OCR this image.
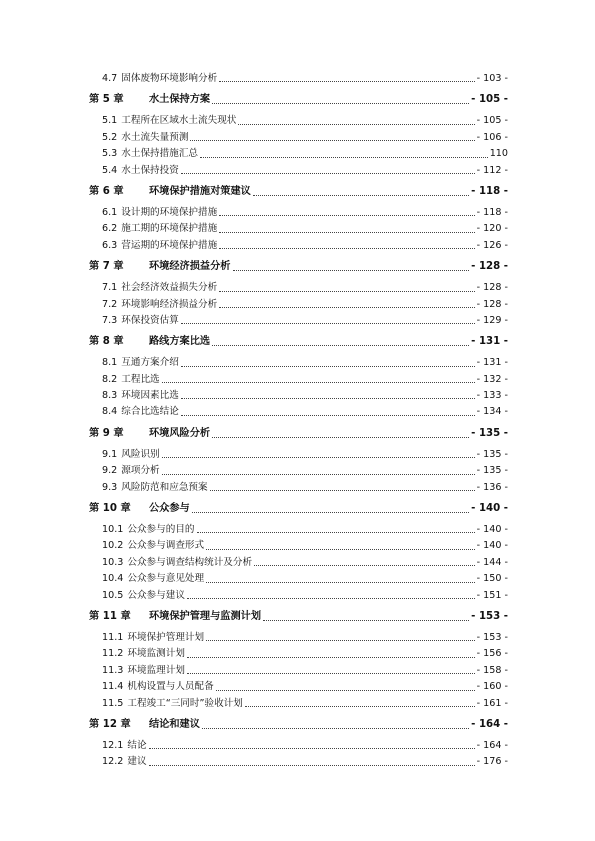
4.7 固体废物环境影响分析	- 103 -
第 5 章	水土保持方案	- 105 -
5.1 工程所在区域水土流失现状	- 105 -
5.2 水土流失量预测	- 106 -
5.3 水土保持措施汇总	110
5.4 水土保持投资	- 112 -
第 6 章	环境保护措施对策建议	- 118 -
6.1 设计期的环境保护措施	- 118 -
6.2 施工期的环境保护措施	- 120 -
6.3 营运期的环境保护措施	- 126 -
第 7 章	环境经济损益分析	- 128 -
7.1 社会经济效益损失分析	- 128 -
7.2 环境影响经济损益分析	- 128 -
7.3 环保投资估算	- 129 -
第 8 章	路线方案比选	- 131 -
8.1 互通方案介绍	- 131 -
8.2 工程比选	- 132 -
8.3 环境因素比选	- 133 -
8.4 综合比选结论	- 134 -
第 9 章	环境风险分析	- 135 -
9.1 风险识别	- 135 -
9.2 源项分析	- 135 -
9.3 风险防范和应急预案	- 136 -
第 10 章	公众参与	- 140 -
10.1 公众参与的目的	- 140 -
10.2 公众参与调查形式	- 140 -
10.3 公众参与调查结构统计及分析	- 144 -
10.4 公众参与意见处理	- 150 -
10.5 公众参与建议	- 151 -
第 11 章	环境保护管理与监测计划	- 153 -
11.1 环境保护管理计划	- 153 -
11.2 环境监测计划	- 156 -
11.3 环境监理计划	- 158 -
11.4 机构设置与人员配备	- 160 -
11.5 工程竣工“三同时”验收计划	- 161 -
第 12 章	结论和建议	- 164 -
12.1 结论	- 164 -
12.2 建议	- 176 -
